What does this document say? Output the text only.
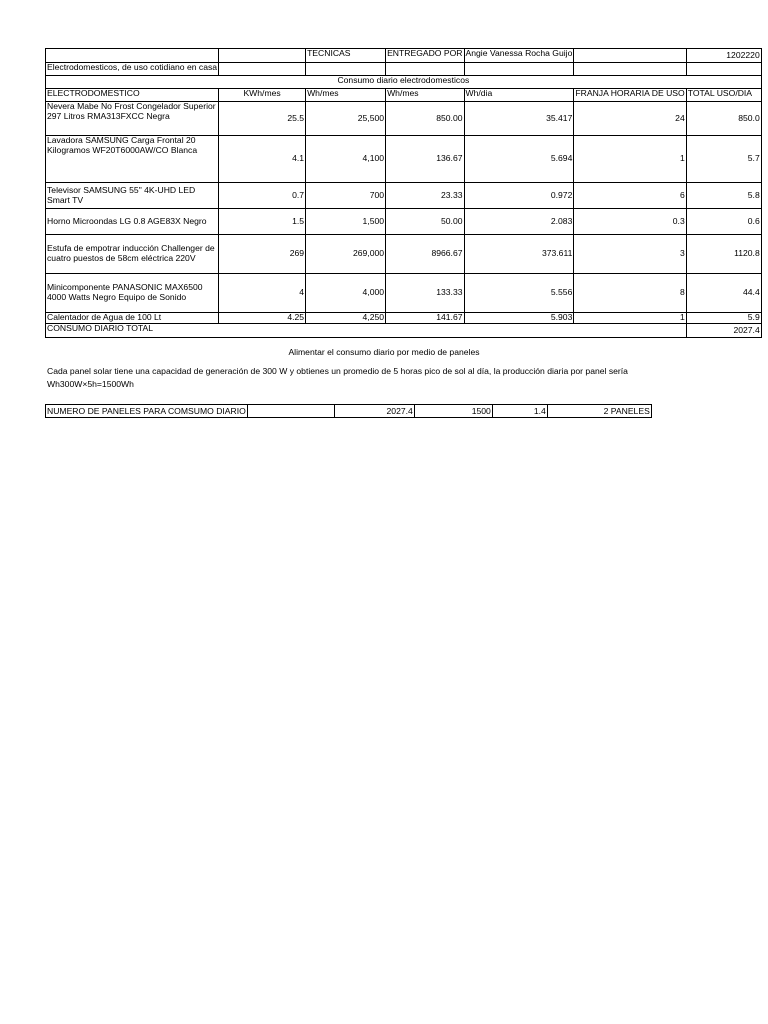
		TECNICAS	ENTREGADO POR	Angie Vanessa Rocha Guijo		1202220
Electrodomesticos, de uso cotidiano en casa						
Consumo diario electrodomesticos						
ELECTRODOMESTICO	KWh/mes	Wh/mes	Wh/mes	Wh/dia	FRANJA HORARIA DE USO	TOTAL USO/DIA
Nevera Mabe No Frost Congelador Superior 297 Litros RMA313FXCC Negra	25.5	25,500	850.00	35.417	24	850.0
Lavadora SAMSUNG Carga Frontal 20 Kilogramos WF20T6000AW/CO Blanca	4.1	4,100	136.67	5.694	1	5.7
Televisor SAMSUNG 55" 4K-UHD LED Smart TV	0.7	700	23.33	0.972	6	5.8
Horno Microondas LG 0.8 AGE83X Negro	1.5	1,500	50.00	2.083	0.3	0.6
Estufa de empotrar inducción Challenger de cuatro puestos de 58cm eléctrica 220V	269	269,000	8966.67	373.611	3	1120.8
Minicomponente PANASONIC MAX6500 4000 Watts Negro Equipo de Sonido	4	4,000	133.33	5.556	8	44.4
Calentador de Agua de 100 Lt	4.25	4,250	141.67	5.903	1	5.9
CONSUMO DIARIO TOTAL						2027.4
Alimentar el consumo diario por medio de paneles
Cada panel solar tiene una capacidad de generación de 300 W y obtienes un promedio de 5 horas pico de sol al día, la producción diaria por panel sería
Wh300W×5h=1500Wh
NUMERO DE PANELES PARA COMSUMO DIARIO		2027.4	1500	1.4	2 PANELES
